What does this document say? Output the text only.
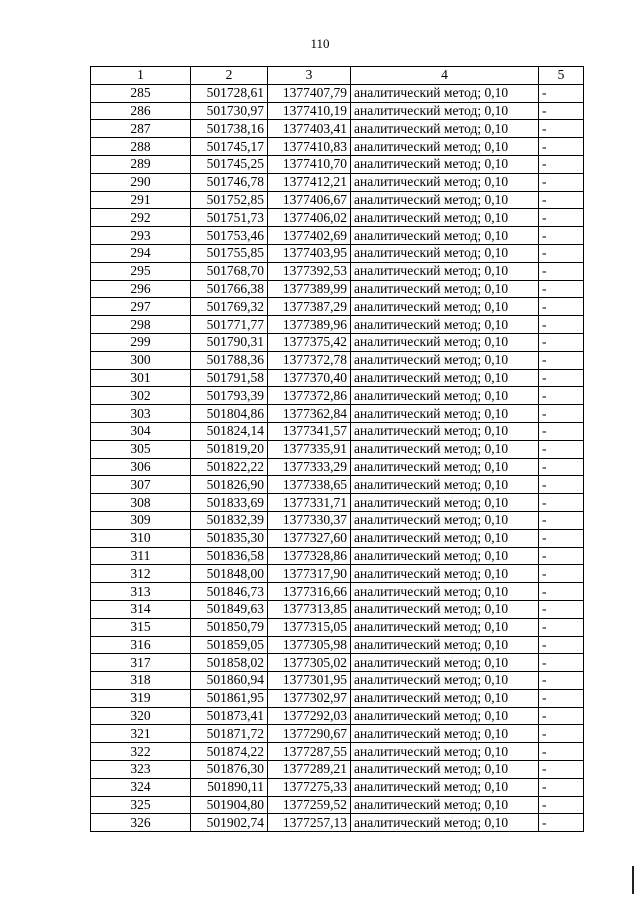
110
1	2	3	4	5
285	501728,61	1377407,79	аналитический метод; 0,10	-
286	501730,97	1377410,19	аналитический метод; 0,10	-
287	501738,16	1377403,41	аналитический метод; 0,10	-
288	501745,17	1377410,83	аналитический метод; 0,10	-
289	501745,25	1377410,70	аналитический метод; 0,10	-
290	501746,78	1377412,21	аналитический метод; 0,10	-
291	501752,85	1377406,67	аналитический метод; 0,10	-
292	501751,73	1377406,02	аналитический метод; 0,10	-
293	501753,46	1377402,69	аналитический метод; 0,10	-
294	501755,85	1377403,95	аналитический метод; 0,10	-
295	501768,70	1377392,53	аналитический метод; 0,10	-
296	501766,38	1377389,99	аналитический метод; 0,10	-
297	501769,32	1377387,29	аналитический метод; 0,10	-
298	501771,77	1377389,96	аналитический метод; 0,10	-
299	501790,31	1377375,42	аналитический метод; 0,10	-
300	501788,36	1377372,78	аналитический метод; 0,10	-
301	501791,58	1377370,40	аналитический метод; 0,10	-
302	501793,39	1377372,86	аналитический метод; 0,10	-
303	501804,86	1377362,84	аналитический метод; 0,10	-
304	501824,14	1377341,57	аналитический метод; 0,10	-
305	501819,20	1377335,91	аналитический метод; 0,10	-
306	501822,22	1377333,29	аналитический метод; 0,10	-
307	501826,90	1377338,65	аналитический метод; 0,10	-
308	501833,69	1377331,71	аналитический метод; 0,10	-
309	501832,39	1377330,37	аналитический метод; 0,10	-
310	501835,30	1377327,60	аналитический метод; 0,10	-
311	501836,58	1377328,86	аналитический метод; 0,10	-
312	501848,00	1377317,90	аналитический метод; 0,10	-
313	501846,73	1377316,66	аналитический метод; 0,10	-
314	501849,63	1377313,85	аналитический метод; 0,10	-
315	501850,79	1377315,05	аналитический метод; 0,10	-
316	501859,05	1377305,98	аналитический метод; 0,10	-
317	501858,02	1377305,02	аналитический метод; 0,10	-
318	501860,94	1377301,95	аналитический метод; 0,10	-
319	501861,95	1377302,97	аналитический метод; 0,10	-
320	501873,41	1377292,03	аналитический метод; 0,10	-
321	501871,72	1377290,67	аналитический метод; 0,10	-
322	501874,22	1377287,55	аналитический метод; 0,10	-
323	501876,30	1377289,21	аналитический метод; 0,10	-
324	501890,11	1377275,33	аналитический метод; 0,10	-
325	501904,80	1377259,52	аналитический метод; 0,10	-
326	501902,74	1377257,13	аналитический метод; 0,10	-
